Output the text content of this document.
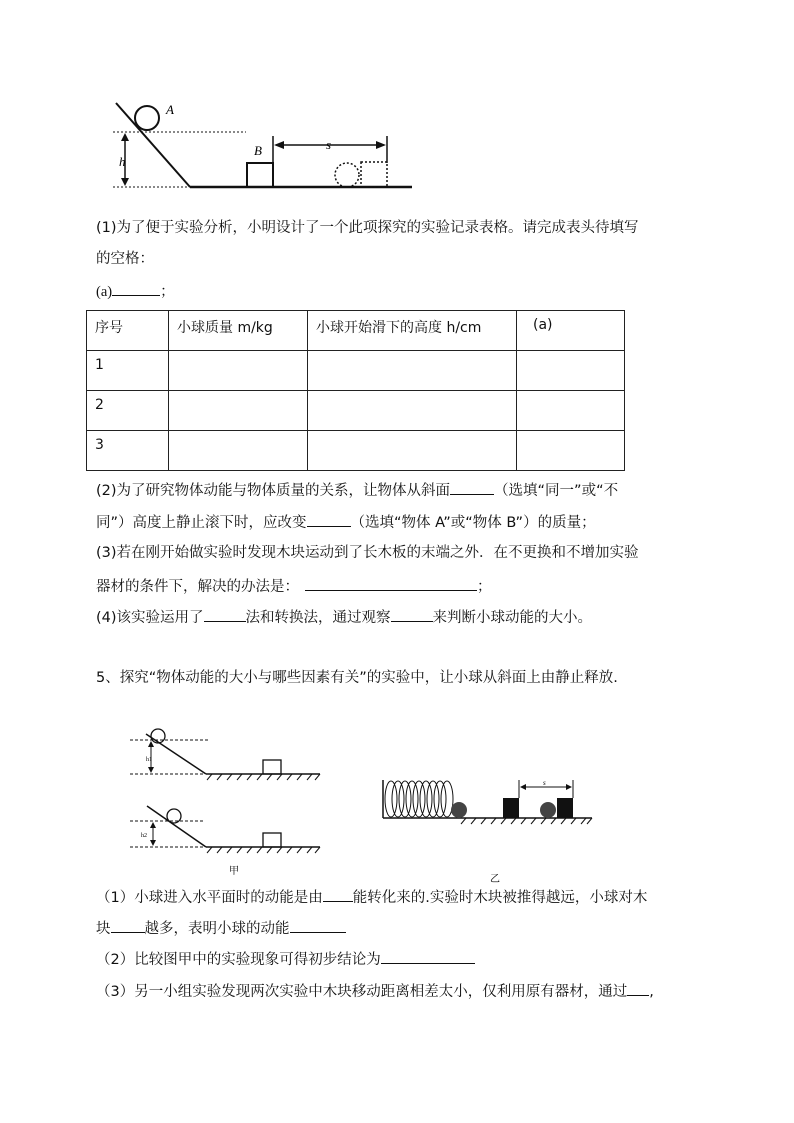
A
h
B	s
(1)为了便于实验分析，小明设计了一个此项探究的实验记录表格。请完成表头待填写
的空格：
(a)	；
序号	小球质量 m/kg	小球开始滑下的高度 h/cm	(a)
1			
2			
3			
(2)为了研究物体动能与物体质量的关系，让物体从斜面	（选填“同一”或“不
同”）高度上静止滚下时，应改变	（选填“物体 A”或“物体 B”）的质量；
(3)若在刚开始做实验时发现木块运动到了长木板的末端之外．在不更换和不增加实验
器材的条件下，解决的办法是：	；
(4)该实验运用了	法和转换法，通过观察	来判断小球动能的大小。
5、探究“物体动能的大小与哪些因素有关”的实验中，让小球从斜面上由静止释放.
h1
h2
甲
s
乙
（1）小球进入水平面时的动能是由 能转化来的.实验时木块被推得越远，小球对木
块 越多，表明小球的动能
（2）比较图甲中的实验现象可得初步结论为
（3）另一小组实验发现两次实验中木块移动距离相差太小，仅利用原有器材，通过 ,
